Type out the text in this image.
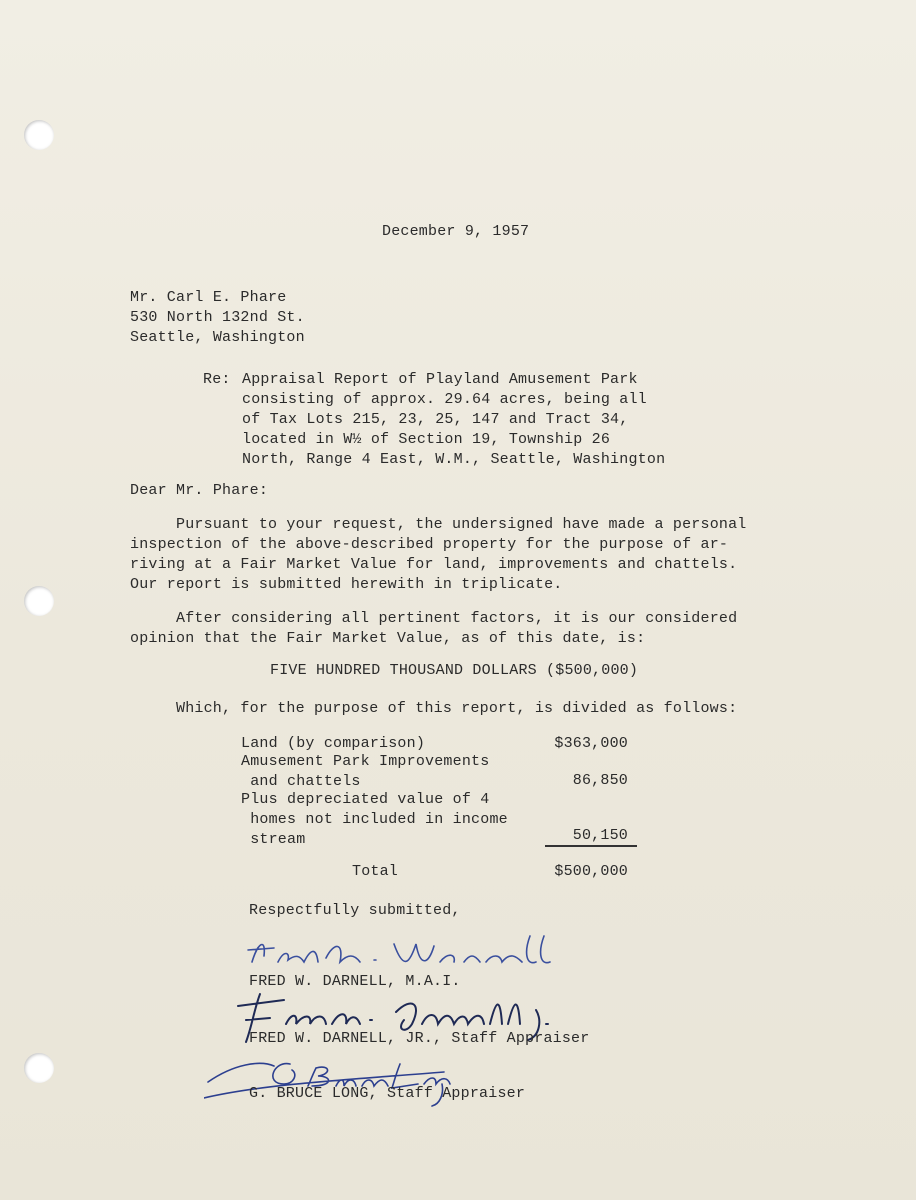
December 9, 1957
Mr. Carl E. Phare
530 North 132nd St.
Seattle, Washington
Re: Appraisal Report of Playland Amusement Park
consisting of approx. 29.64 acres, being all
of Tax Lots 215, 23, 25, 147 and Tract 34,
located in W½ of Section 19, Township 26
North, Range 4 East, W.M., Seattle, Washington
Dear Mr. Phare:
Pursuant to your request, the undersigned have made a personal
inspection of the above-described property for the purpose of ar-
riving at a Fair Market Value for land, improvements and chattels.
Our report is submitted herewith in triplicate.
After considering all pertinent factors, it is our considered
opinion that the Fair Market Value, as of this date, is:
FIVE HUNDRED THOUSAND DOLLARS ($500,000)
Which, for the purpose of this report, is divided as follows:
Land (by comparison)	$363,000
Amusement Park Improvements
and chattels	86,850
Plus depreciated value of 4
homes not included in income
stream	50,150
Total	$500,000
Respectfully submitted,
FRED W. DARNELL, M.A.I.
FRED W. DARNELL, JR., Staff Appraiser
G. BRUCE LONG, Staff Appraiser
